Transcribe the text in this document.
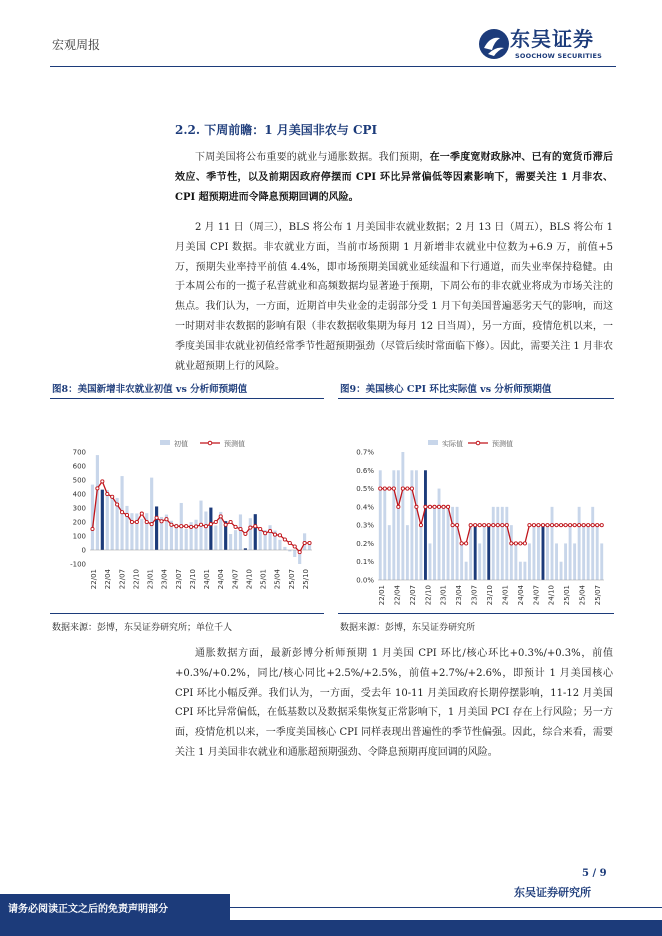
宏观周报	东吴证券
SOOCHOW SECURITIES
2.2. 下周前瞻：1 月美国非农与 CPI
下周美国将公布重要的就业与通胀数据。我们预期，在一季度宽财政脉冲、已有的宽货币滞后效应、季节性，以及前期因政府停摆而 CPI 环比异常偏低等因素影响下，需要关注 1 月非农、CPI 超预期进而令降息预期回调的风险。
2 月 11 日（周三），BLS 将公布 1 月美国非农就业数据；2 月 13 日（周五），BLS 将公布 1 月美国 CPI 数据。非农就业方面，当前市场预期 1 月新增非农就业中位数为+6.9 万，前值+5 万，预期失业率持平前值 4.4%，即市场预期美国就业延续温和下行通道，而失业率保持稳健。由于本周公布的一揽子私营就业和高频数据均显著逊于预期，下周公布的非农就业将成为市场关注的焦点。我们认为，一方面，近期首申失业金的走弱部分受 1 月下旬美国普遍恶劣天气的影响，而这一时期对非农数据的影响有限（非农数据收集期为每月 12 日当周），另一方面，疫情危机以来，一季度美国非农就业初值经常季节性超预期强劲（尽管后续时常面临下修）。因此，需要关注 1 月非农就业超预期上行的风险。
图8：美国新增非农就业初值 vs 分析师预期值
初值	预测值
700
600
500
400
300
200
100
0
-100
22/01 22/04 22/07 22/10 23/01 23/04 23/07 23/10 24/01 24/04 24/07 24/10 25/01 25/04 25/07 25/10
数据来源：彭博，东吴证券研究所；单位千人
图9：美国核心 CPI 环比实际值 vs 分析师预期值
实际值	预测值
0.7%
0.6%
0.5%
0.4%
0.3%
0.2%
0.1%
0.0%
22/01 22/04 22/07 22/10 23/01 23/04 23/07 23/10 24/01 24/04 24/07 24/10 25/01 25/04 25/07
数据来源：彭博，东吴证券研究所
通胀数据方面，最新彭博分析师预期 1 月美国 CPI 环比/核心环比+0.3%/+0.3%，前值+0.3%/+0.2%，同比/核心同比+2.5%/+2.5%，前值+2.7%/+2.6%，即预计 1 月美国核心 CPI 环比小幅反弹。我们认为，一方面，受去年 10-11 月美国政府长期停摆影响，11-12 月美国 CPI 环比异常偏低，在低基数以及数据采集恢复正常影响下，1 月美国 PCI 存在上行风险；另一方面，疫情危机以来，一季度美国核心 CPI 同样表现出普遍性的季节性偏强。因此，综合来看，需要关注 1 月美国非农就业和通胀超预期强劲、令降息预期再度回调的风险。
5 / 9
东吴证券研究所
请务必阅读正文之后的免责声明部分
